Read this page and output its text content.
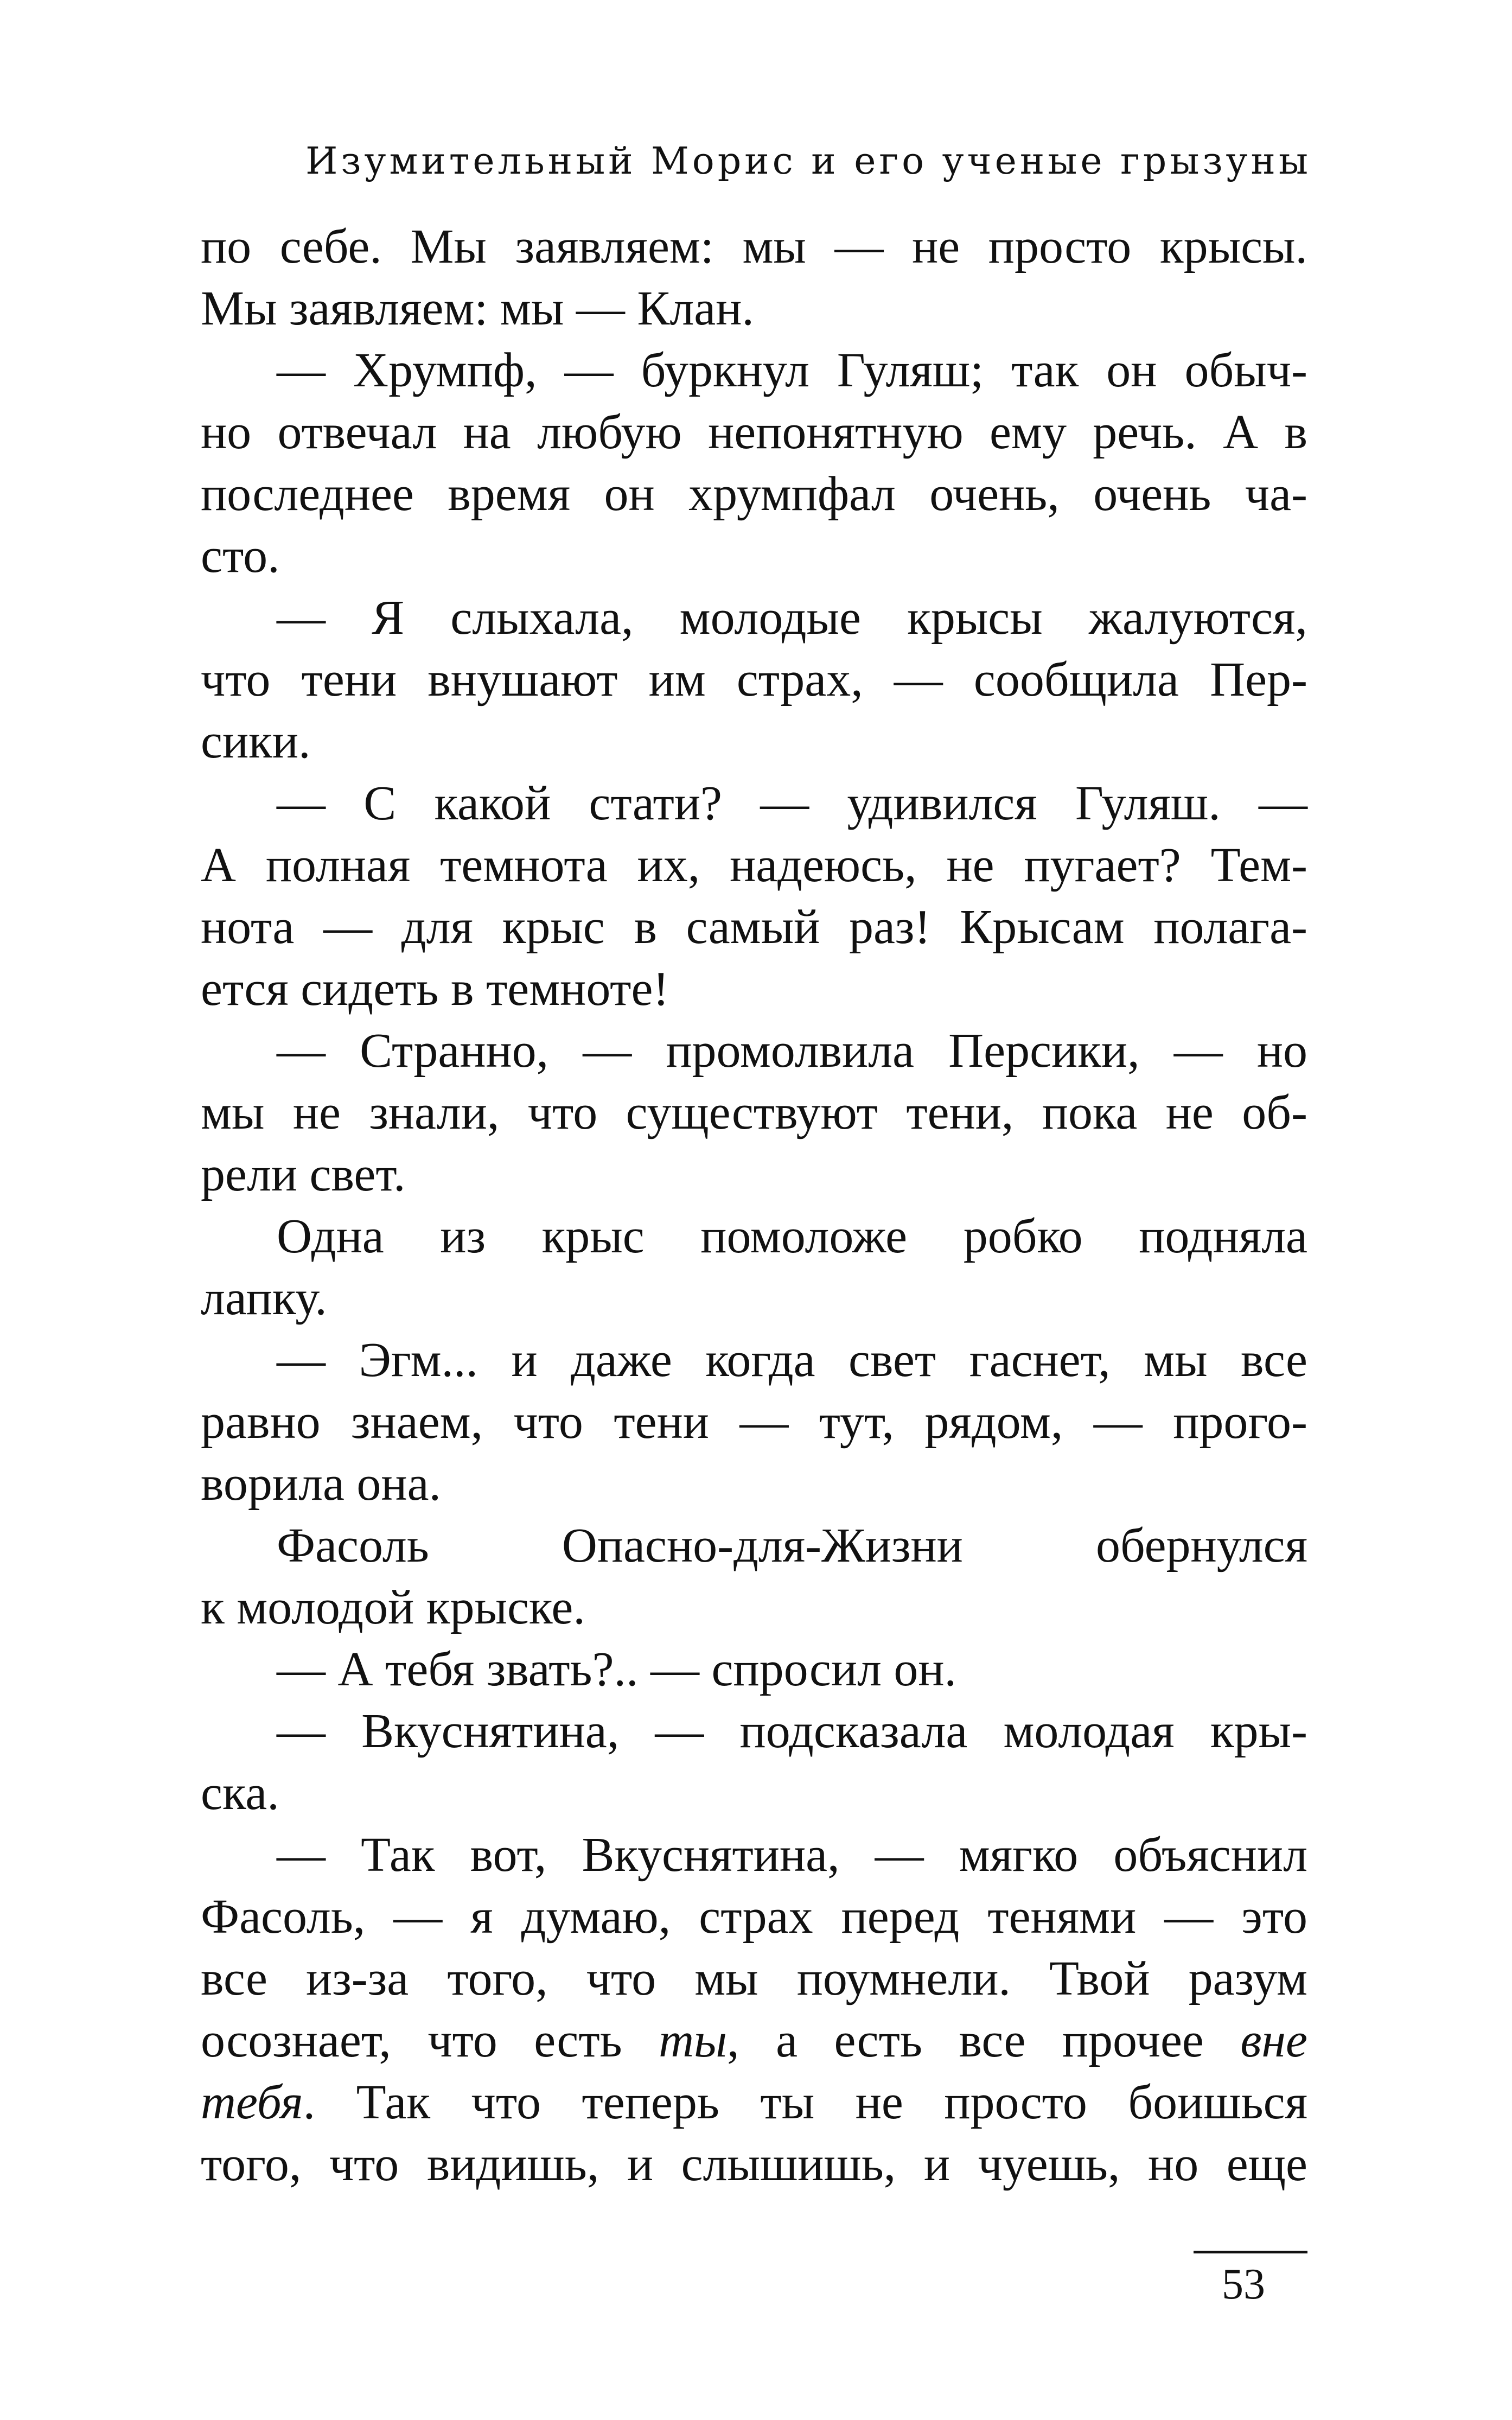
Изумительный Морис и его ученые грызуны
по себе. Мы заявляем: мы — не просто крысы.
Мы заявляем: мы — Клан.
— Хрумпф, — буркнул Гуляш; так он обыч-
но отвечал на любую непонятную ему речь. А в
последнее время он хрумпфал очень, очень ча-
сто.
— Я слыхала, молодые крысы жалуются,
что тени внушают им страх, — сообщила Пер-
сики.
— С какой стати? — удивился Гуляш. —
А полная темнота их, надеюсь, не пугает? Тем-
нота — для крыс в самый раз! Крысам полага-
ется сидеть в темноте!
— Странно, — промолвила Персики, — но
мы не знали, что существуют тени, пока не об-
рели свет.
Одна из крыс помоложе робко подняла
лапку.
— Эгм... и даже когда свет гаснет, мы все
равно знаем, что тени — тут, рядом, — прого-
ворила она.
Фасоль Опасно-для-Жизни обернулся
к молодой крыске.
— А тебя звать?.. — спросил он.
— Вкуснятина, — подсказала молодая кры-
ска.
— Так вот, Вкуснятина, — мягко объяснил
Фасоль, — я думаю, страх перед тенями — это
все из-за того, что мы поумнели. Твой разум
осознает, что есть ты, а есть все прочее вне
тебя. Так что теперь ты не просто боишься
того, что видишь, и слышишь, и чуешь, но еще
53
